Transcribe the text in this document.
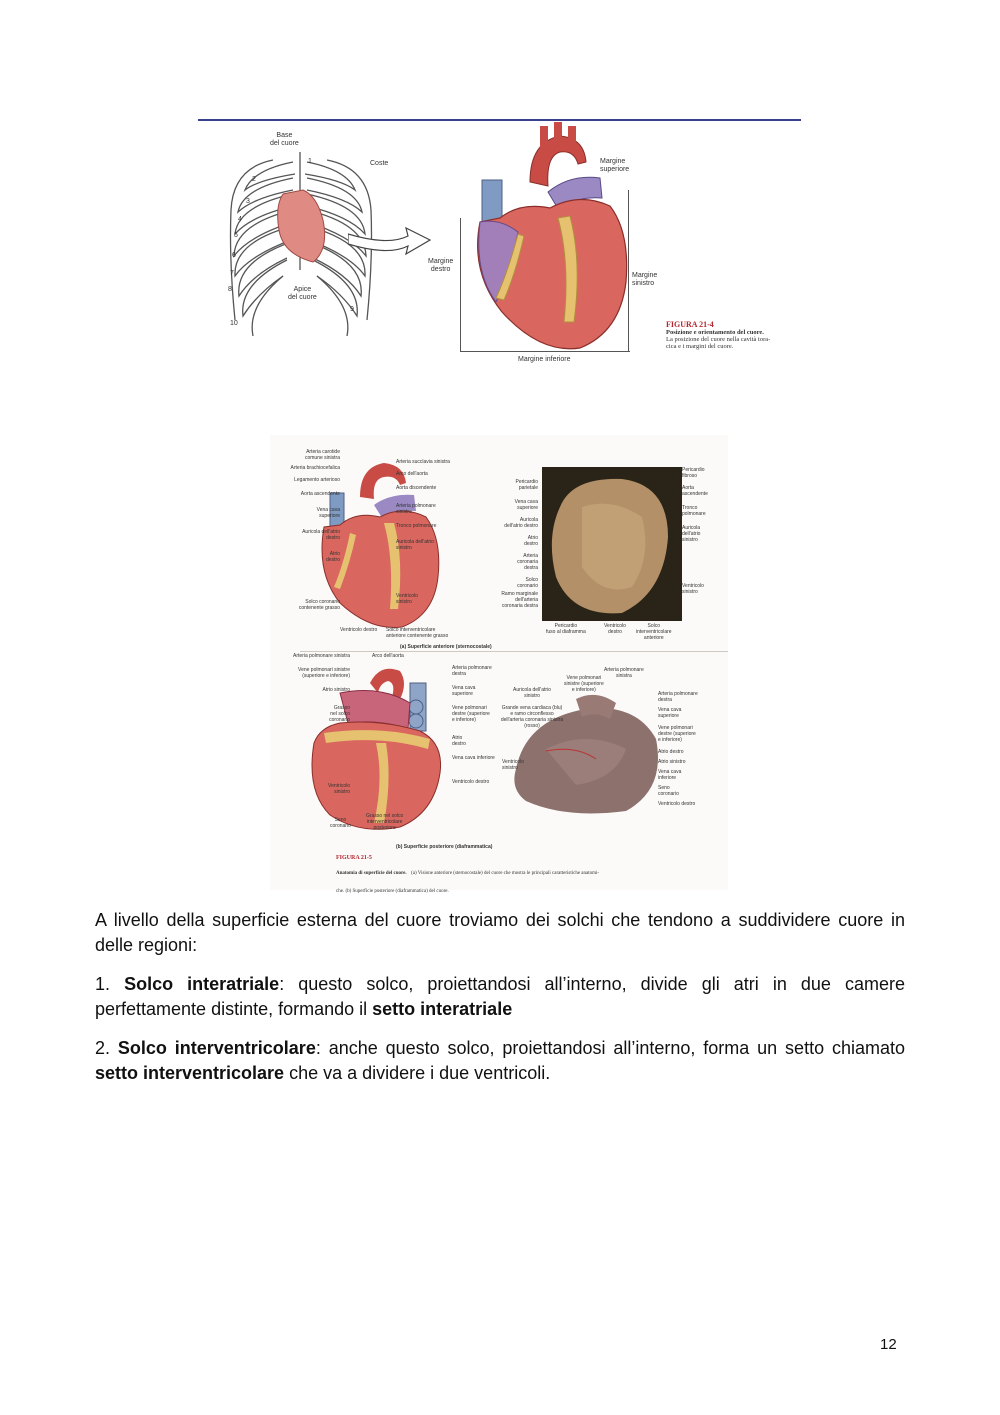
1
2
3
4
5
6
7
8
9
10
Base
del cuore
Coste
Apice
del cuore
Margine
superiore
Margine
destro
Margine
sinistro
Margine inferiore
FIGURA 21-4
Posizione e orientamento del cuore.
La posizione del cuore nella cavità tora-
cica e i margini del cuore.
Arteria carotide
comune sinistra
Arteria brachiocefalica
Legamento arterioso
Aorta ascendente
Vena cava
superiore
Auricola dell'atrio
destro
Atrio
destro
Solco coronario
contenente grasso
Arteria succlavia sinistra
Arco dell'aorta
Aorta discendente
Arteria polmonare
sinistra
Tronco polmonare
Auricola dell'atrio
sinistro
Ventricolo
sinistro
Ventricolo destro Solco interventricolare
anteriore contenente grasso
Pericardio
parietale
Vena cava
superiore
Auricola
dell'atrio destro
Atrio
destro
Arteria
coronaria
destra
Solco
coronario
Ramo marginale
dell'arteria
coronaria destra
Pericardio
fibroso
Aorta
ascendente
Tronco
polmonare
Auricola
dell'atrio
sinistro
Ventricolo
sinistro
Pericardio
fuso al diaframma
Ventricolo
destro
Solco
interventricolare
anteriore
(a) Superficie anteriore (sternocostale)
Arco dell'aorta
Arteria polmonare sinistra
Vene polmonari sinistre
(superiore e inferiore)
Atrio sinistro
Grasso
nel solco
coronario
Ventricolo
sinistro
Arteria polmonare
destra
Vena cava
superiore
Vene polmonari
destre (superiore
e inferiore)
Atrio
destro
Vena cava inferiore
Ventricolo destro
Seno
coronario
Grasso nel solco
interventricolare
posteriore
Auricola dell'atrio
sinistro
Grande vena cardiaca (blu)
e ramo circonflesso
dell'arteria coronaria sinistra
(rosso)
Ventricolo
sinistro
Vene polmonari
sinistre (superiore
e inferiore)
Arteria polmonare
sinistra
Arteria polmonare
destra
Vena cava
superiore
Vene polmonari
destre (superiore
e inferiore)
Atrio destro
Atrio sinistro
Vena cava
inferiore
Seno
coronario
Ventricolo destro
(b) Superficie posteriore (diaframmatica)
FIGURA 21-5
Anatomia di superficie del cuore. (a) Visione anteriore (sternocostale) del cuore che mostra le principali caratteristiche anatomi-
che. (b) Superficie posteriore (diaframmatica) del cuore.

A livello della superficie esterna del cuore troviamo dei solchi che tendono a suddividere cuore in delle regioni:

1. Solco interatriale: questo solco, proiettandosi all’interno, divide gli atri in due camere perfettamente distinte, formando il setto interatriale

2. Solco interventricolare: anche questo solco, proiettandosi all’interno, forma un setto chiamato setto interventricolare che va a dividere i due ventricoli.

12
